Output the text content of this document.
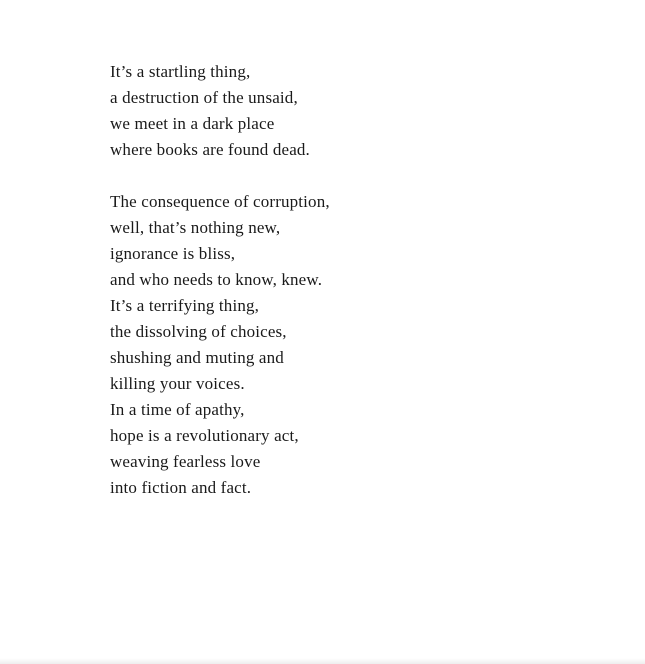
It’s a startling thing,
a destruction of the unsaid,
we meet in a dark place
where books are found dead.
The consequence of corruption,
well, that’s nothing new,
ignorance is bliss,
and who needs to know, knew.
It’s a terrifying thing,
the dissolving of choices,
shushing and muting and
killing your voices.
In a time of apathy,
hope is a revolutionary act,
weaving fearless love
into fiction and fact.
